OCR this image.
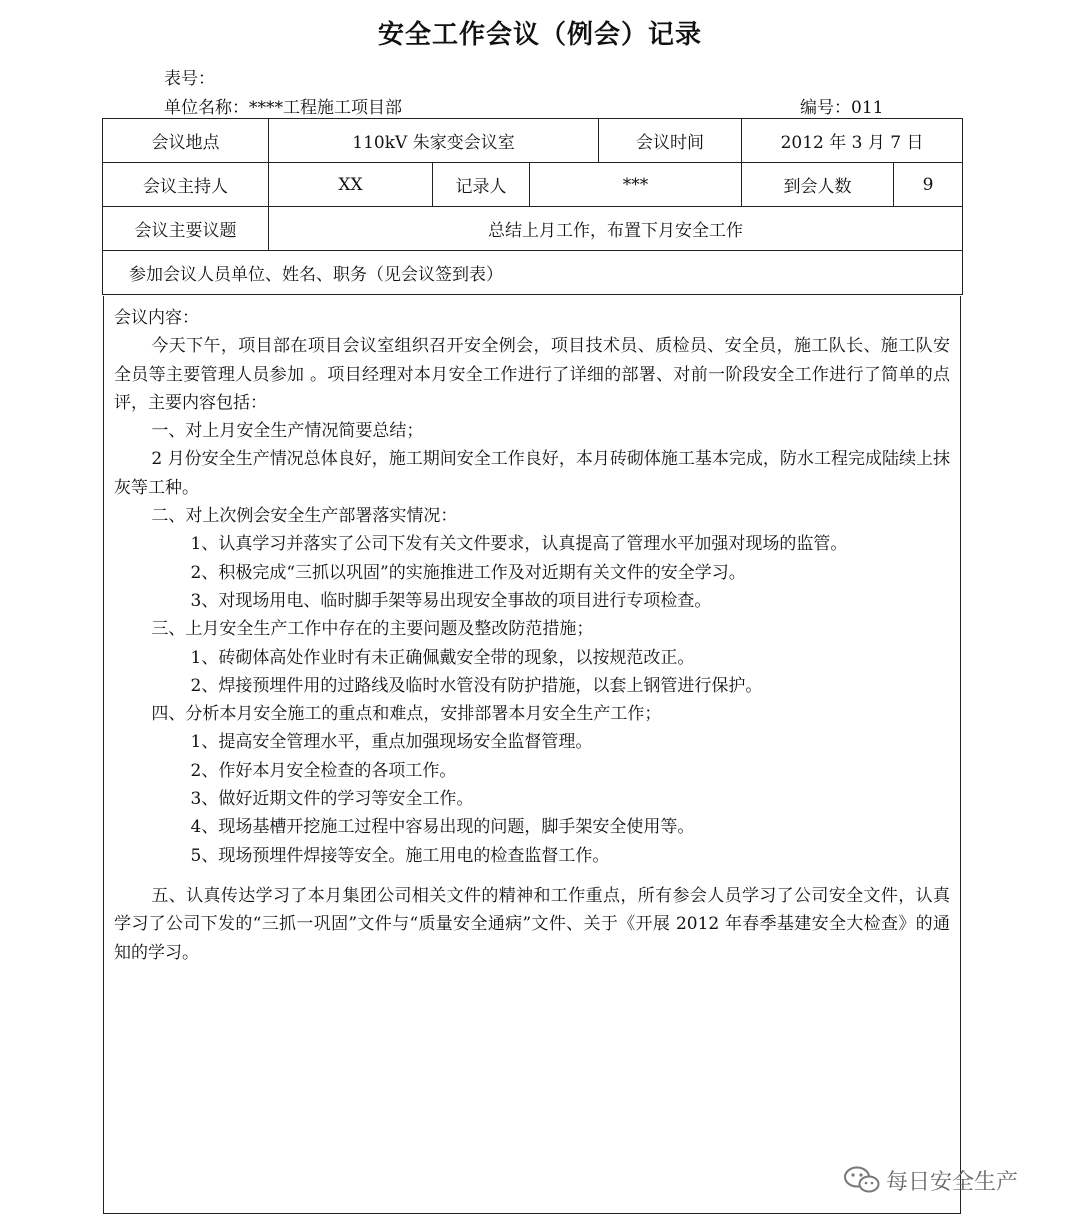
安全工作会议（例会）记录
表号：
单位名称：****工程施工项目部	编号：011
会议地点	110kV 朱家变会议室			会议时间	2012 年 3 月 7 日	
会议主持人	XX	记录人	***		到会人数	9
会议主要议题	总结上月工作，布置下月安全工作					
参加会议人员单位、姓名、职务（见会议签到表）						

会议内容：

今天下午，项目部在项目会议室组织召开安全例会，项目技术员、质检员、安全员，施工队长、施工队安全员等主要管理人员参加 。项目经理对本月安全工作进行了详细的部署、对前一阶段安全工作进行了简单的点评，主要内容包括：

一、对上月安全生产情况简要总结；

2 月份安全生产情况总体良好，施工期间安全工作良好，本月砖砌体施工基本完成，防水工程完成陆续上抹灰等工种。

二、对上次例会安全生产部署落实情况：

1、认真学习并落实了公司下发有关文件要求，认真提高了管理水平加强对现场的监管。

2、积极完成“三抓以巩固”的实施推进工作及对近期有关文件的安全学习。

3、对现场用电、临时脚手架等易出现安全事故的项目进行专项检查。

三、上月安全生产工作中存在的主要问题及整改防范措施；

1、砖砌体高处作业时有未正确佩戴安全带的现象，以按规范改正。

2、焊接预埋件用的过路线及临时水管没有防护措施，以套上钢管进行保护。

四、分析本月安全施工的重点和难点，安排部署本月安全生产工作；

1、提高安全管理水平，重点加强现场安全监督管理。

2、作好本月安全检查的各项工作。

3、做好近期文件的学习等安全工作。

4、现场基槽开挖施工过程中容易出现的问题，脚手架安全使用等。

5、现场预埋件焊接等安全。施工用电的检查监督工作。

五、认真传达学习了本月集团公司相关文件的精神和工作重点，所有参会人员学习了公司安全文件，认真学习了公司下发的“三抓一巩固”文件与“质量安全通病”文件、关于《开展 2012 年春季基建安全大检查》的通知的学习。

每日安全生产
